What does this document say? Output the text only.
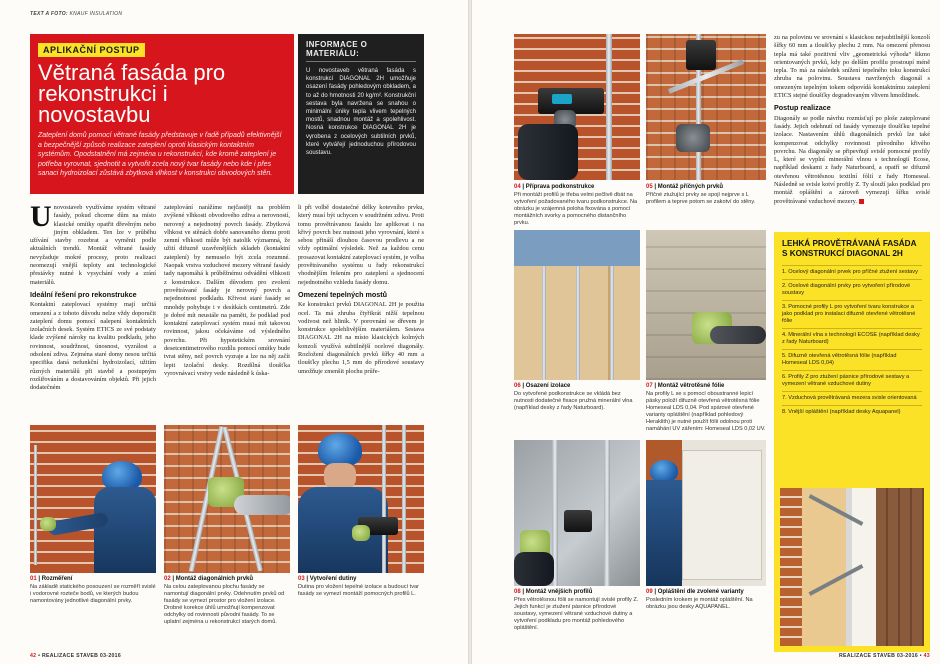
TEXT A FOTO: KNAUF INSULATION
APLIKAČNÍ POSTUP
Větraná fasáda pro rekonstrukci i novostavbu

Zateplení domů pomocí větrané fasády představuje v řadě případů efektivnější a bezpečnější způsob realizace zateplení oproti klasickým kontaktním systémům. Opodstatnění má zejména u rekonstrukcí, kde kromě zateplení je potřeba vyrovnat, sjednotit a vytvořit zcela nový tvar fasády nebo kde i přes sanaci hydroizolací zůstává zbytková vlhkost v konstrukci obvodových stěn.

INFORMACE O MATERIÁLU:

U novostaveb větraná fasáda s konstrukcí DIAGONAL 2H umožňuje osazení fasády pohledovým obkladem, a to až do hmotnosti 20 kg/m². Konstrukční sestava byla navržena se snahou o minimální úniky tepla vlivem tepelných mostů, snadnou montáž a spolehlivost. Nosná konstrukce DIAGONAL 2H je vyrobena z ocelových subtilních prvků, které vytvářejí jednoduchou přírodovou soustavu.

U novostaveb využíváme systém větrané fasády, pokud chceme dům na místo klasické omítky opatřit dřevěným nebo jiným obkladem. Ten lze v průběhu užívání stavby rozebrat a vyměnit podle aktuálních trendů. Montáž větrané fasády nevyžaduje mokré procesy, proto realizaci neomezují vnější teploty ani technologické přestávky nutné k vysychání vody a zrání materiálů.
Ideální řešení pro rekonstrukce
Kontaktní zateplovací systémy mají určitá omezení a z tohoto důvodu nelze vždy doporučit zateplení domu pomocí nalepení kontaktních izolačních desek. Systém ETICS ze své podstaty klade zvýšené nároky na kvalitu podkladu, jeho rovinnost, soudržnost, únosnost, vyzrálost a odsolení zdiva. Zejména staré domy nesou určitá specifika daná nefunkční hydroizolací, užitím různých materiálů při stavbě a postupným rozšiřováním a dostavováním objektů. Při jejich dodatečném
zateplování narážíme nejčastěji na problém zvýšené vlhkosti obvodového zdiva a nerovností, nerovný a nejednotný povrch fasády. Zbytková vlhkost ve stěnách dobře sanovaného domu proti zemní vlhkosti může být natolik významná, že užití difuzně uzavřenějších skladeb (kontaktní zateplení) by nemuselo být zcela rozumné. Naopak vrstva vzduchové mezery větrané fasády tady napomáhá k průběžnému odvádění vlhkosti z konstrukce. Dalším důvodem pro zvolení provětrávané fasády je nerovný povrch a nejednotnost podkladu. Křivost staré fasády se mnohdy pohybuje i v desítkách centimetrů. Zde je dobré mít neustále na paměti, že podklad pod kontaktní zateplovací systém musí mít takovou rovinnost, jakou očekáváme od výsledného povrchu. Při hypotetickém srovnání desetcentimetrového rozdílu pomocí omítky bude tvrat stěny, než povrch vyzraje a lze na něj začít lepit izolační desky. Rozdílná tloušťka vyrovnávací vrstvy vede následně k úska-
li při volbě dostatečné délky kotevního prvku, který musí být uchycen v soudržném zdivu. Proti tomu provětrávanou fasádu lze aplikovat i na křivý povrch bez nutnosti jeho vyrovnání, které s sebou přináší dlouhou časovou prodlevu a ne vždy optimální výsledek. Než za každou cenu prosazovat kontaktní zateplovací systém, je volba provětrávaného systému u řady rekonstrukcí vhodnějším řešením pro zateplení a sjednocení nejednotného vzhledu fasády domu.
Omezení tepelných mostů
Ke konstrukci prvků DIAGONAL 2H je použita ocel. Ta má zhruba čtyřikrát nižší tepelnou vodivost než hliník. V porovnání se dřevem je konstrukce spolehlivějším materiálem. Sestava DIAGONAL 2H na místo klasických kolmých konzolí využívá subtilnější ocelové diagonály. Rozložení diagonálních prvků šířky 40 mm a tloušťky plechu 1,5 mm do přírodové soustavy umožňuje zmenšit plochu průře-
01 | Rozměření
Na základě statického posouzení se rozměří svislé i vodorovné rozteče bodů, ve kterých budou namontovány jednotlivé diagonální prvky.
02 | Montáž diagonálních prvků
Na celou zateplovanou plochu fasády se namontují diagonální prvky. Odehnutím prvků od fasády se vymezí prostor pro vložení izolace. Drobné korekce úhlů umožňují kompenzovat odchylky od rovinnosti původní fasády. To se uplatní zejména u rekonstrukcí starých domů.
03 | Vytvoření dutiny
Dutina pro vložení tepelné izolace a budoucí tvar fasády se vymezí montáží pomocných profilů L.
42 • REALIZACE STAVEB 03-2016
04 | Příprava podkonstrukce
Při montáži profilů je třeba velmi pečlivě dbát na vytvoření požadovaného tvaru podkonstrukce. Na obrázku je vzájemná poloha fixována s pomocí montážních svorky a pomocného distančního prvku.
05 | Montáž příčných prvků
Příčné ztužující prvky se spojí nejprve s L profilem a teprve potom se zakotví do stěny.
06 | Osazení izolace
Do vytvořené podkonstrukce se vkládá bez nutnosti dodatečné fixace pružná minerální vlna (například desky z řady Naturboard).
07 | Montáž větrotěsné fólie
Na profily L se s pomocí oboustranné lepicí pásky položí difuzně otevřená větrotěsná fólie Homeseal LDS 0,04. Pod spárové otevřené varianty opláštění (například pohledový Heraklith) je nutné použít fólii odolnou proti namáhání UV zářením: Homeseal LDS 0,02 UV.
08 | Montáž vnějších profilů
Přes větrotěsnou fólii se namontují svislé profily Z. Jejich funkcí je ztužení pásnice přírodové soustavy, vymezení větrané vzduchové dutiny a vytvoření podkladu pro montáž pohledového opláštění.
09 | Opláštění dle zvolené varianty
Posledním krokem je montáž opláštění. Na obrázku jsou desky AQUAPANEL.
zu na polovinu ve srovnání s klasickou nejsubtilnější konzolí šířky 60 mm a tloušťky plechu 2 mm. Na omezení přenosu tepla má také pozitivní vliv „geometrická výhoda“ šikmo orientovaných prvků, kdy po delším profilu prostoupí méně tepla. To má za následek snížení tepelného toku konstrukcí zhruba na polovinu. Soustava navržených diagonál s omezeným tepelným tokem odpovídá kontaktnímu zateplení ETICS stejné tloušťky degradovaným vlivem hmoždinek.
Postup realizace
Diagonály se podle návrhu rozmísťují po ploše zateplované fasády. Jejich odehnutí od fasády vymezuje tloušťku tepelné izolace. Nastavením úhlů diagonálních prvků lze také kompenzovat odchylky rovinnosti původního křivého povrchu. Na diagonály se připevňují svislé pomocné profily L, které se vyplní minerální vlnou s technologií Ecose, například deskami z řady Naturboard, a opatří se difuzně otevřenou větrotěsnou textilní fólií z řady Homeseal. Následně se svisle kotví profily Z. Ty slouží jako podklad pro montáž opláštění a zároveň vymezují šířku svislé provětrávané vzduchové mezery.
LEHKÁ PROVĚTRÁVANÁ FASÁDA S KONSTRUKCÍ DIAGONAL 2H
1. Ocelový diagonální prvek pro příčné ztužení sestavy
2. Ocelové diagonální prvky pro vytvoření přírodové soustavy
3. Pomocné profily L pro vytvoření tvaru konstrukce a jako podklad pro instalaci difuzně otevřené větrotěsné fólie
4. Minerální vlna s technologií ECOSE (například desky z řady Naturboard)
5. Difuzně otevřená větrotěsná fólie (například Homeseal LDS 0,04)
6. Profily Z pro ztužení pásnice přírodové sestavy a vymezení větrané vzduchové dutiny
7. Vzduchová provětrávaná mezera svisle orientovaná
8. Vnější opláštění (například desky Aquapanel)
REALIZACE STAVEB 03-2016 • 43
